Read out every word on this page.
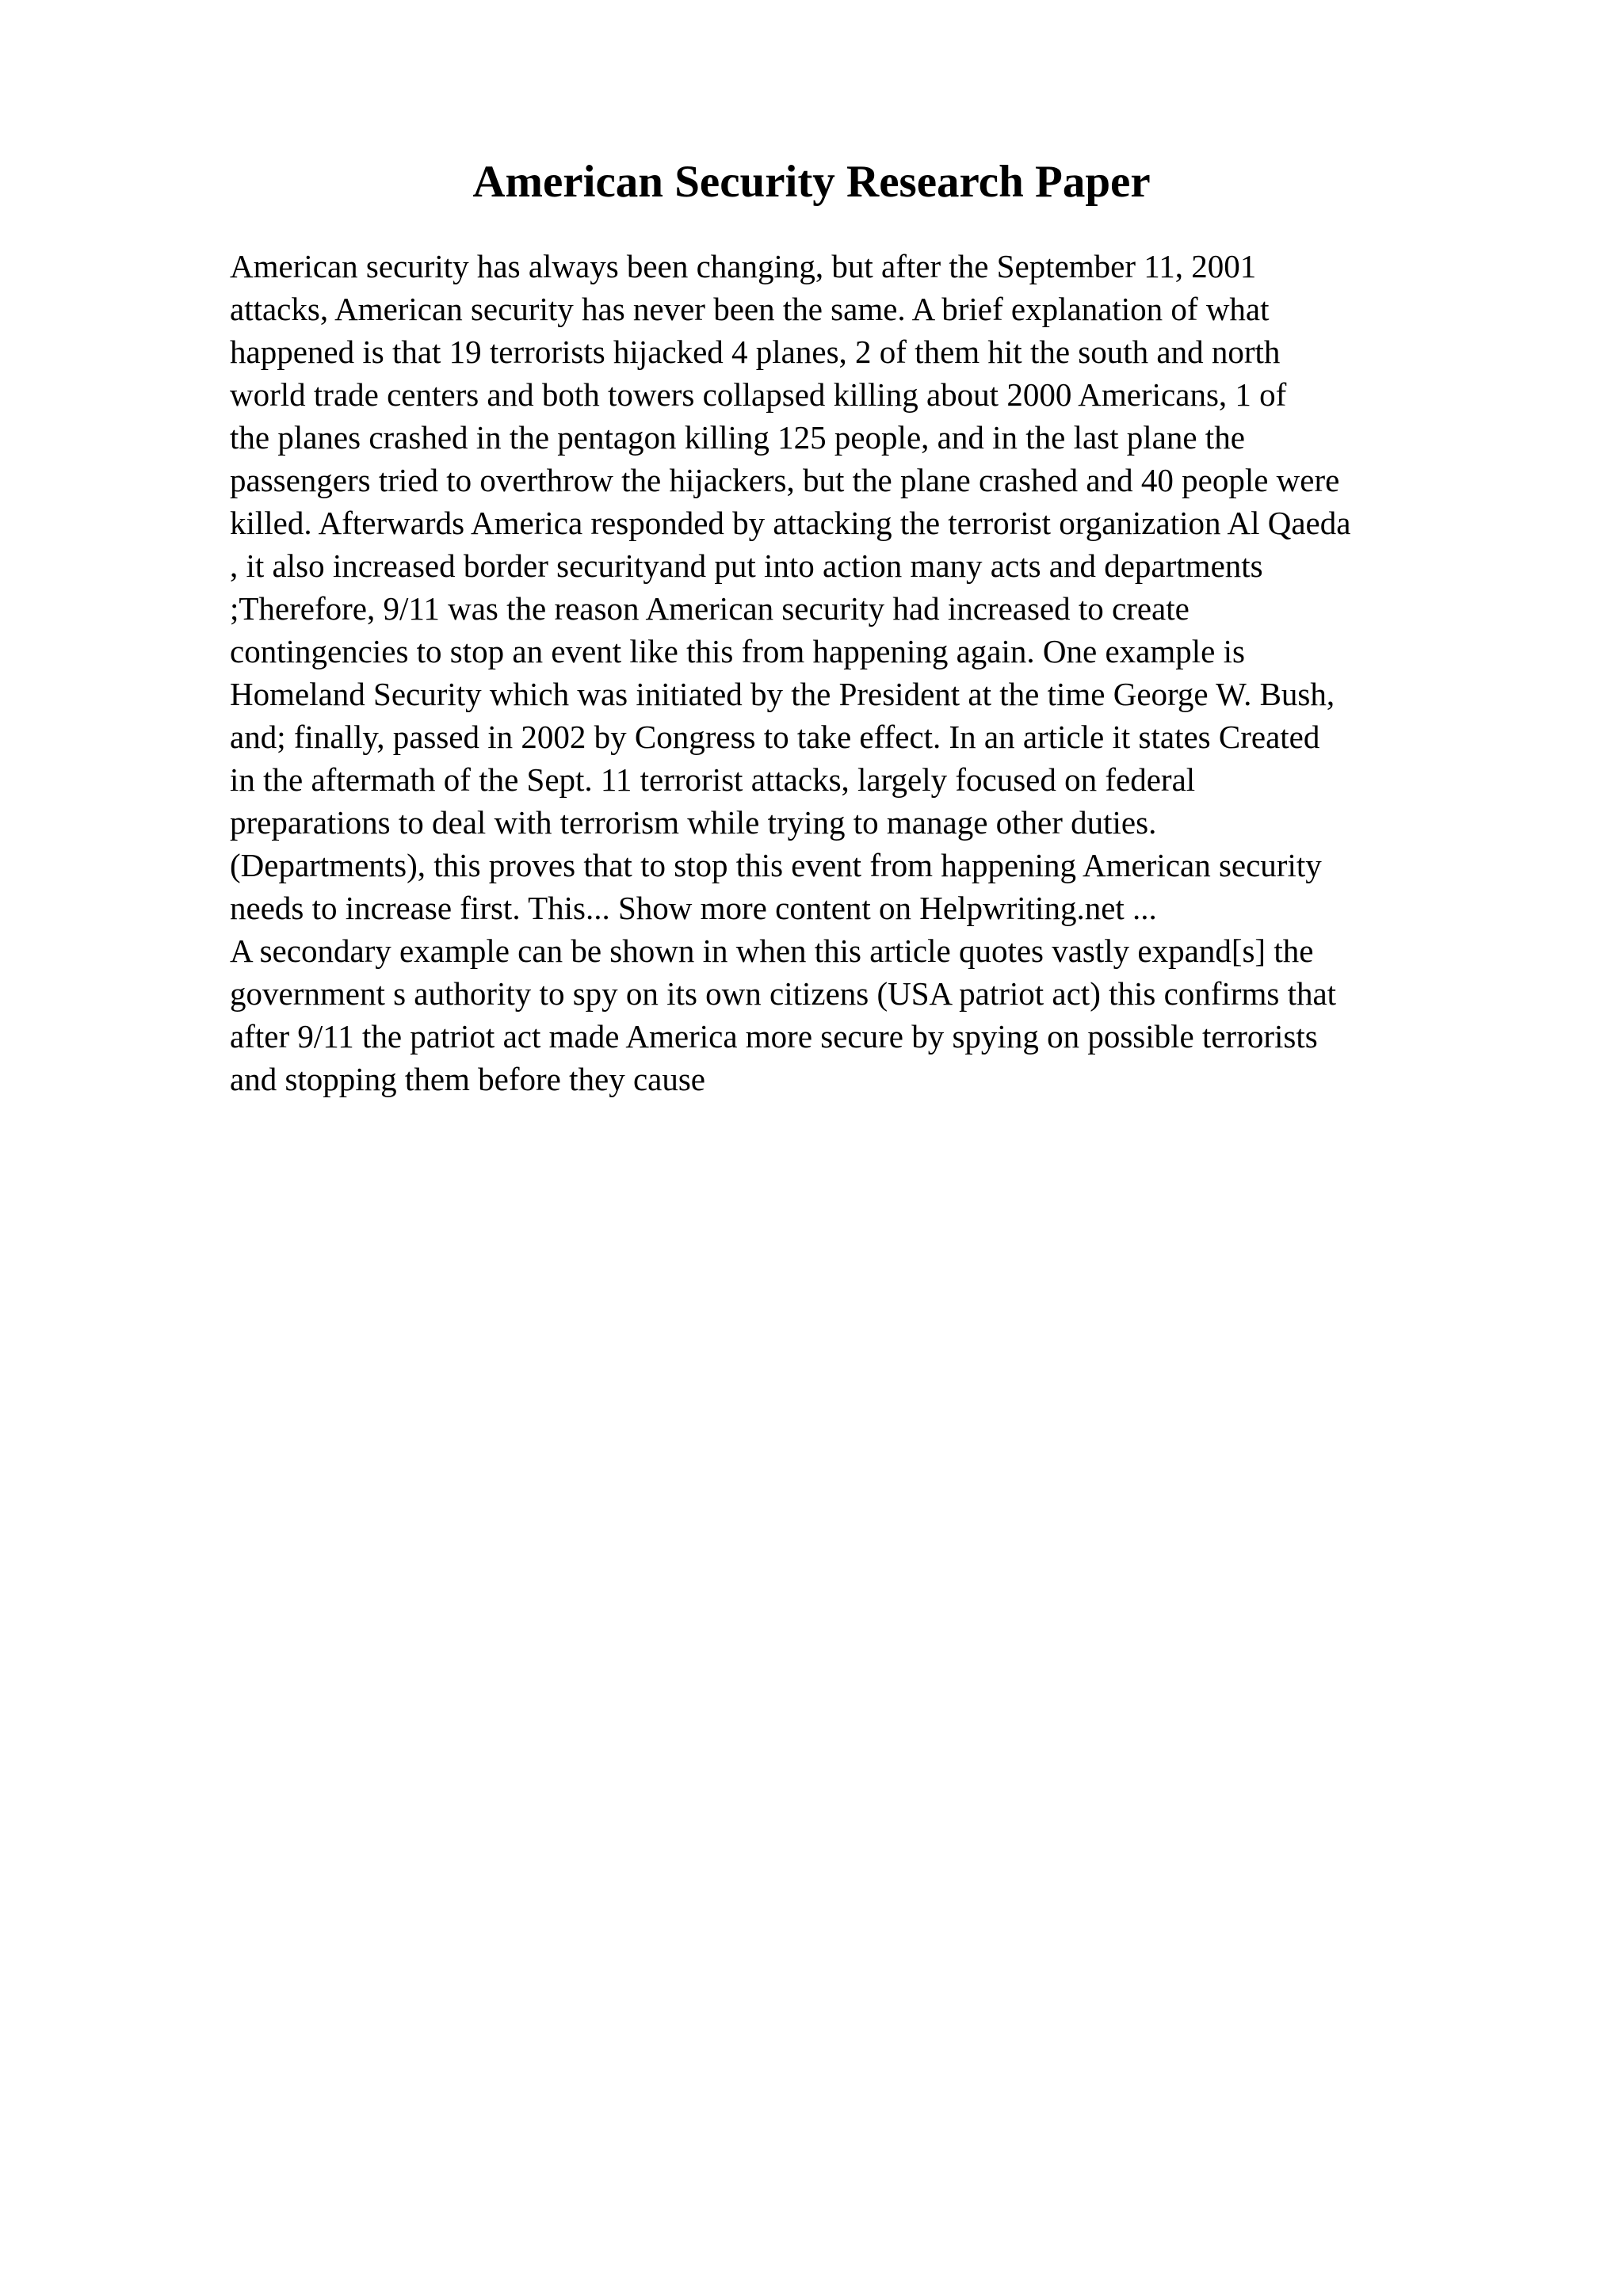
American Security Research Paper

American security has always been changing, but after the September 11, 2001

attacks, American security has never been the same. A brief explanation of what

happened is that 19 terrorists hijacked 4 planes, 2 of them hit the south and north

world trade centers and both towers collapsed killing about 2000 Americans, 1 of

the planes crashed in the pentagon killing 125 people, and in the last plane the

passengers tried to overthrow the hijackers, but the plane crashed and 40 people were

killed. Afterwards America responded by attacking the terrorist organization Al Qaeda

, it also increased border securityand put into action many acts and departments

;Therefore, 9/11 was the reason American security had increased to create

contingencies to stop an event like this from happening again. One example is

Homeland Security which was initiated by the President at the time George W. Bush,

and; finally, passed in 2002 by Congress to take effect. In an article it states Created

in the aftermath of the Sept. 11 terrorist attacks, largely focused on federal

preparations to deal with terrorism while trying to manage other duties.

(Departments), this proves that to stop this event from happening American security

needs to increase first. This... Show more content on Helpwriting.net ...

A secondary example can be shown in when this article quotes vastly expand[s] the

government s authority to spy on its own citizens (USA patriot act) this confirms that

after 9/11 the patriot act made America more secure by spying on possible terrorists

and stopping them before they cause
